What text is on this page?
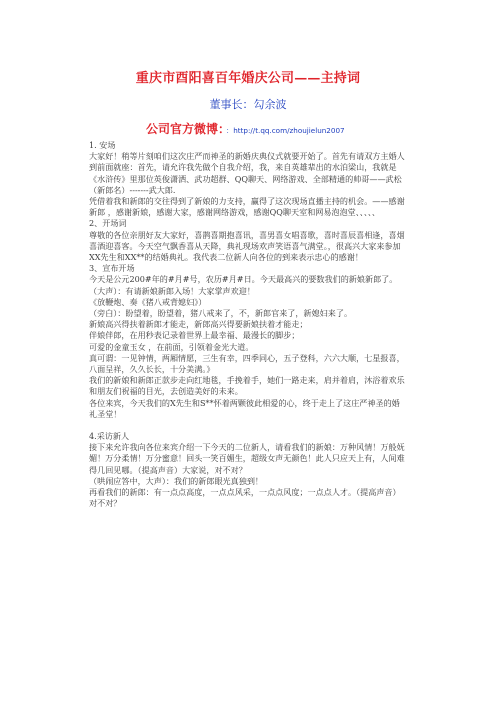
重庆市酉阳喜百年婚庆公司——主持词
董事长：勾余波
公司官方微博： ：http://t.qq.com/zhoujielun2007

1. 安场

大家好！稍等片刻咱们这次庄严而神圣的新婚庆典仪式就要开始了。首先有请双方主婚人到前面就座：首先，请允许我先做个自我介绍，我，来自英雄辈出的水泊梁山，我就是《水浒传》里那位英俊潇洒、武功超群、QQ聊天、网络游戏、全部精通的帅哥——武松（新郎名）-------武大郎.

凭借着我和新郎的交往得到了新娘的力支持，赢得了这次现场直播主持的机会。——感谢新郎 ，感谢新娘，感谢大家，感谢网络游戏，感谢QQ聊天室和网易泡泡堂、、、、、

2、开场词

尊敬的各位亲朋好友大家好，喜鹊喜期抱喜讯，喜男喜女唱喜歌，喜时喜辰喜相逢，喜烟喜酒迎喜客。今天空气飘香喜从天降，典礼现场欢声笑语喜气满堂。，很高兴大家来参加XX先生和XX**的结婚典礼。我代表二位新人向各位的到来表示忠心的感谢！

3、宣布开场

今天是公元200#年的#月#号，农历#月#日。今天最高兴的要数我们的新娘新郎了。

（大声）：有请新娘新郎入场！大家掌声欢迎！

《放鞭炮、奏《猪八戒背媳妇》）

（旁白）：盼望着，盼望着，猪八戒来了，不，新郎官来了，新媳妇来了。

新娘高兴得扶着新郎才能走，新郎高兴得要新娘扶着才能走；

伴娘伴郎，在用秒表记录着世界上最幸福、最漫长的脚步；

可爱的金童玉女 ，在前面，引领着金光大道。

真可谓：一见钟情，两厢情愿，三生有幸，四季同心，五子登科，六六大顺，七星报喜，八面呈祥，久久长长，十分美满。》

我们的新娘和新郎正款步走向红地毯，手挽着手，她们一路走来，肩并着肩，沐浴着欢乐和朋友们祝福的目光，去创造美好的未来。

各位来宾，今天我们的X先生和S**怀着两颗彼此相爱的心，终于走上了这庄严神圣的婚礼圣堂！

4.采访新人

接下来允许我向各位来宾介绍一下今天的二位新人，请看我们的新娘：万种风情！万般妩媚！万分柔情！万分蜜意！回头一笑百媚生，超级女声无颜色！此人只应天上有，人间难得几回见哪。（提高声音）大家说，对不对？

（哄闹应答中，大声）：我们的新郎眼光真独到！

再看我们的新郎：有一点点高度，一点点风采，一点点风度；一点点人才。（提高声音）对不对？
